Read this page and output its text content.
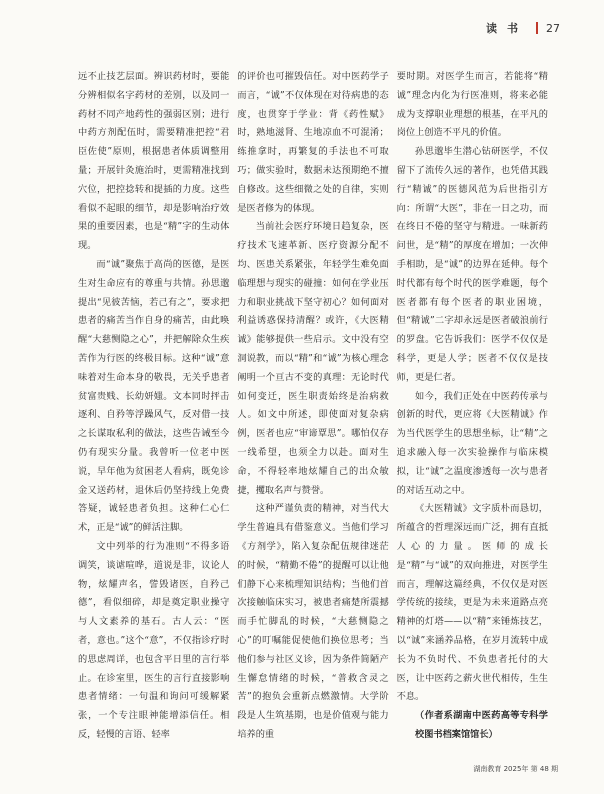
读书 27

远不止技艺层面。辨识药材时，要能分辨相似名字药材的差别，以及同一药材不同产地药性的强弱区别；进行中药方剂配伍时，需要精准把控“君臣佐使”原则，根据患者体质调整用量；开展针灸施治时，更需精准找到穴位，把控捻转和提插的力度。这些看似不起眼的细节，却是影响治疗效果的重要因素，也是“精”字的生动体现。

而“诚”聚焦于高尚的医德，是医生对生命应有的尊重与共情。孙思邈提出“见彼苦恼，若己有之”，要求把患者的痛苦当作自身的痛苦，由此唤醒“大慈恻隐之心”，并把解除众生疾苦作为行医的终极目标。这种“诚”意味着对生命本身的敬畏，无关乎患者贫富贵贱、长幼妍媸。文本同时抨击逐利、自矜等浮躁风气，反对借一技之长谋取私利的做法，这些告诫至今仍有现实分量。我曾听一位老中医说，早年他为贫困老人看病，既免诊金又送药材，退休后仍坚持线上免费答疑，诚轻患者负担。这种仁心仁术，正是“诚”的鲜活注脚。

文中列举的行为准则“不得多语调笑，谈谑喧哗，道说是非，议论人物，炫耀声名，訾毁诸医，自矜己德”，看似细碎，却是奠定职业操守与人文素养的基石。古人云：“医者，意也。”这个“意”，不仅指诊疗时的思虑周详，也包含平日里的言行举止。在诊室里，医生的言行直接影响患者情绪：一句温和询问可缓解紧张，一个专注眼神能增添信任。相反，轻慢的言语、轻率

的评价也可摧毁信任。对中医药学子而言，“诚”不仅体现在对待病患的态度，也贯穿于学业：背《药性赋》时，熟地滋肾、生地凉血不可混淆；练推拿时，再繁复的手法也不可取巧；做实验时，数据未达预期绝不擅自修改。这些细微之处的自律，实则是医者修为的体现。

当前社会医疗环境日趋复杂，医疗技术飞速革新、医疗资源分配不均、医患关系紧张，年轻学生难免面临理想与现实的碰撞：如何在学业压力和职业挑战下坚守初心？如何面对利益诱惑保持清醒？或许，《大医精诚》能够提供一些启示。文中没有空洞说教，而以“精”和“诚”为核心理念阐明一个亘古不变的真理：无论时代如何变迁，医生职责始终是治病救人。如文中所述，即使面对复杂病例，医者也应“审谛覃思”。哪怕仅存一线希望，也须全力以赴。面对生命，不得轻率地炫耀自己的出众敏捷，攫取名声与赞誉。

这种严谨负责的精神，对当代大学生普遍具有借鉴意义。当他们学习《方剂学》，陷入复杂配伍规律迷茫的时候，“精勤不倦”的提醒可以让他们静下心来梳理知识结构；当他们首次接触临床实习，被患者痛楚所震撼而手忙脚乱的时候，“大慈恻隐之心”的叮嘱能促使他们换位思考；当他们参与社区义诊，因为条件简陋产生懈怠情绪的时候，“普救含灵之苦”的抱负会重新点燃激情。大学阶段是人生筑基期，也是价值观与能力培养的重

要时期。对医学生而言，若能将“精诚”理念内化为行医准则，将来必能成为支撑职业理想的根基，在平凡的岗位上创造不平凡的价值。

孙思邈毕生潜心钻研医学，不仅留下了流传久远的著作，也凭借其践行“精诚”的医德风范为后世指引方向：所谓“大医”，非在一日之功，而在终日不倦的坚守与精进。一味新药问世，是“精”的厚度在增加；一次伸手相助，是“诚”的边界在延伸。每个时代都有每个时代的医学难题，每个医者都有每个医者的职业困境，但“精诚”二字却永远是医者破浪前行的罗盘。它告诉我们：医学不仅仅是科学，更是人学；医者不仅仅是技师，更是仁者。

如今，我们正处在中医药传承与创新的时代，更应将《大医精诚》作为当代医学生的思想坐标，让“精”之追求融入每一次实验操作与临床模拟，让“诚”之温度渗透每一次与患者的对话互动之中。

《大医精诚》文字质朴而恳切，所蕴含的哲理深远而广泛，拥有直抵人心的力量。医师的成长是“精”与“诚”的双向推进，对医学生而言，理解这篇经典，不仅仅是对医学传统的接续，更是为未来道路点亮精神的灯塔——以“精”来锤炼技艺，以“诚”来涵养品格，在岁月流转中成长为不负时代、不负患者托付的大医，让中医药之薪火世代相传，生生不息。

（作者系湖南中医药高等专科学校图书档案馆馆长）

湖南教育 2025年 第 48 期
